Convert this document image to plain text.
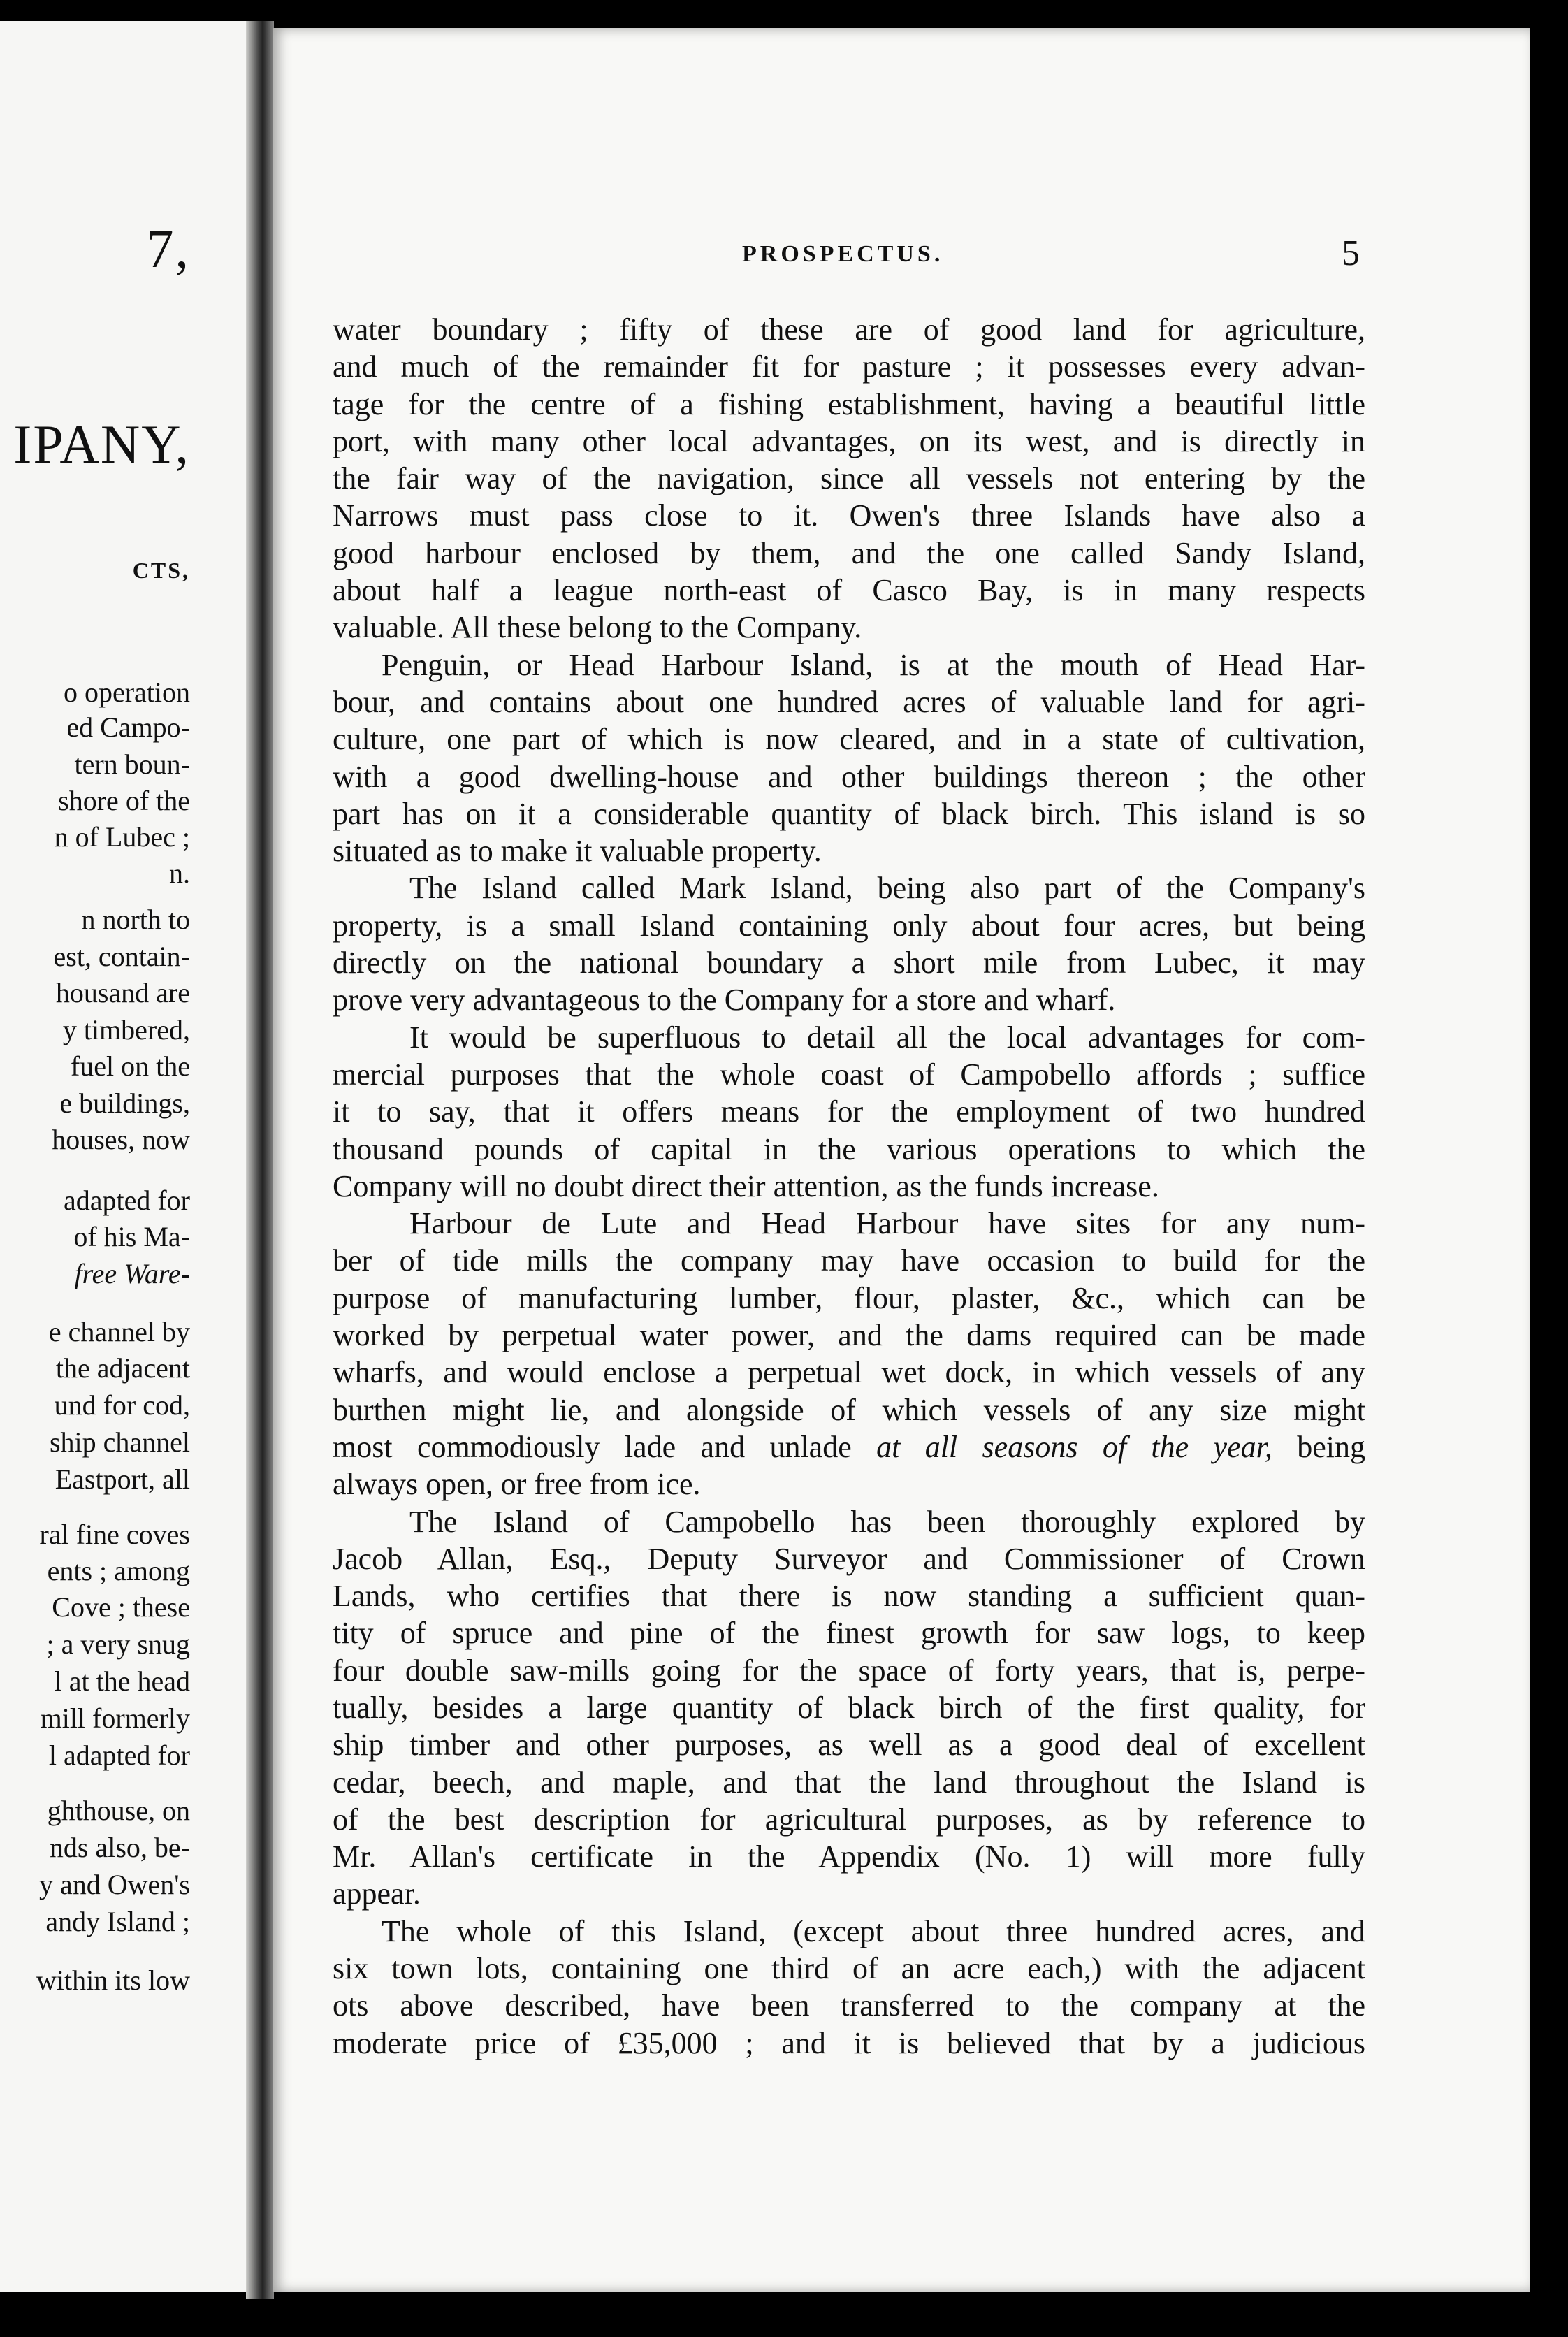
7,
IPANY,
CTS,
o operation
ed Campo-
tern boun-
shore of the
n of Lubec ;
n.
n north to
est, contain-
housand are
y timbered,
fuel on the
e buildings,
houses, now
adapted for
of his Ma-
free Ware-
e channel by
the adjacent
und for cod,
ship channel
Eastport, all
ral fine coves
ents ; among
Cove ; these
; a very snug
l at the head
mill formerly
l adapted for
ghthouse, on
nds also, be-
y and Owen's
andy Island ;
within its low
PROSPECTUS.	5
water boundary ; fifty of these are of good land for agriculture,
and much of the remainder fit for pasture ; it possesses every advan-
tage for the centre of a fishing establishment, having a beautiful little
port, with many other local advantages, on its west, and is directly in
the fair way of the navigation, since all vessels not entering by the
Narrows must pass close to it. Owen's three Islands have also a
good harbour enclosed by them, and the one called Sandy Island,
about half a league north-east of Casco Bay, is in many respects
valuable. All these belong to the Company.
Penguin, or Head Harbour Island, is at the mouth of Head Har-
bour, and contains about one hundred acres of valuable land for agri-
culture, one part of which is now cleared, and in a state of cultivation,
with a good dwelling-house and other buildings thereon ; the other
part has on it a considerable quantity of black birch. This island is so
situated as to make it valuable property.
The Island called Mark Island, being also part of the Company's
property, is a small Island containing only about four acres, but being
directly on the national boundary a short mile from Lubec, it may
prove very advantageous to the Company for a store and wharf.
It would be superfluous to detail all the local advantages for com-
mercial purposes that the whole coast of Campobello affords ; suffice
it to say, that it offers means for the employment of two hundred
thousand pounds of capital in the various operations to which the
Company will no doubt direct their attention, as the funds increase.
Harbour de Lute and Head Harbour have sites for any num-
ber of tide mills the company may have occasion to build for the
purpose of manufacturing lumber, flour, plaster, &c., which can be
worked by perpetual water power, and the dams required can be made
wharfs, and would enclose a perpetual wet dock, in which vessels of any
burthen might lie, and alongside of which vessels of any size might
most commodiously lade and unlade at all seasons of the year, being
always open, or free from ice.
The Island of Campobello has been thoroughly explored by
Jacob Allan, Esq., Deputy Surveyor and Commissioner of Crown
Lands, who certifies that there is now standing a sufficient quan-
tity of spruce and pine of the finest growth for saw logs, to keep
four double saw-mills going for the space of forty years, that is, perpe-
tually, besides a large quantity of black birch of the first quality, for
ship timber and other purposes, as well as a good deal of excellent
cedar, beech, and maple, and that the land throughout the Island is
of the best description for agricultural purposes, as by reference to
Mr. Allan's certificate in the Appendix (No. 1) will more fully
appear.
The whole of this Island, (except about three hundred acres, and
six town lots, containing one third of an acre each,) with the adjacent
ots above described, have been transferred to the company at the
moderate price of £35,000 ; and it is believed that by a judicious
